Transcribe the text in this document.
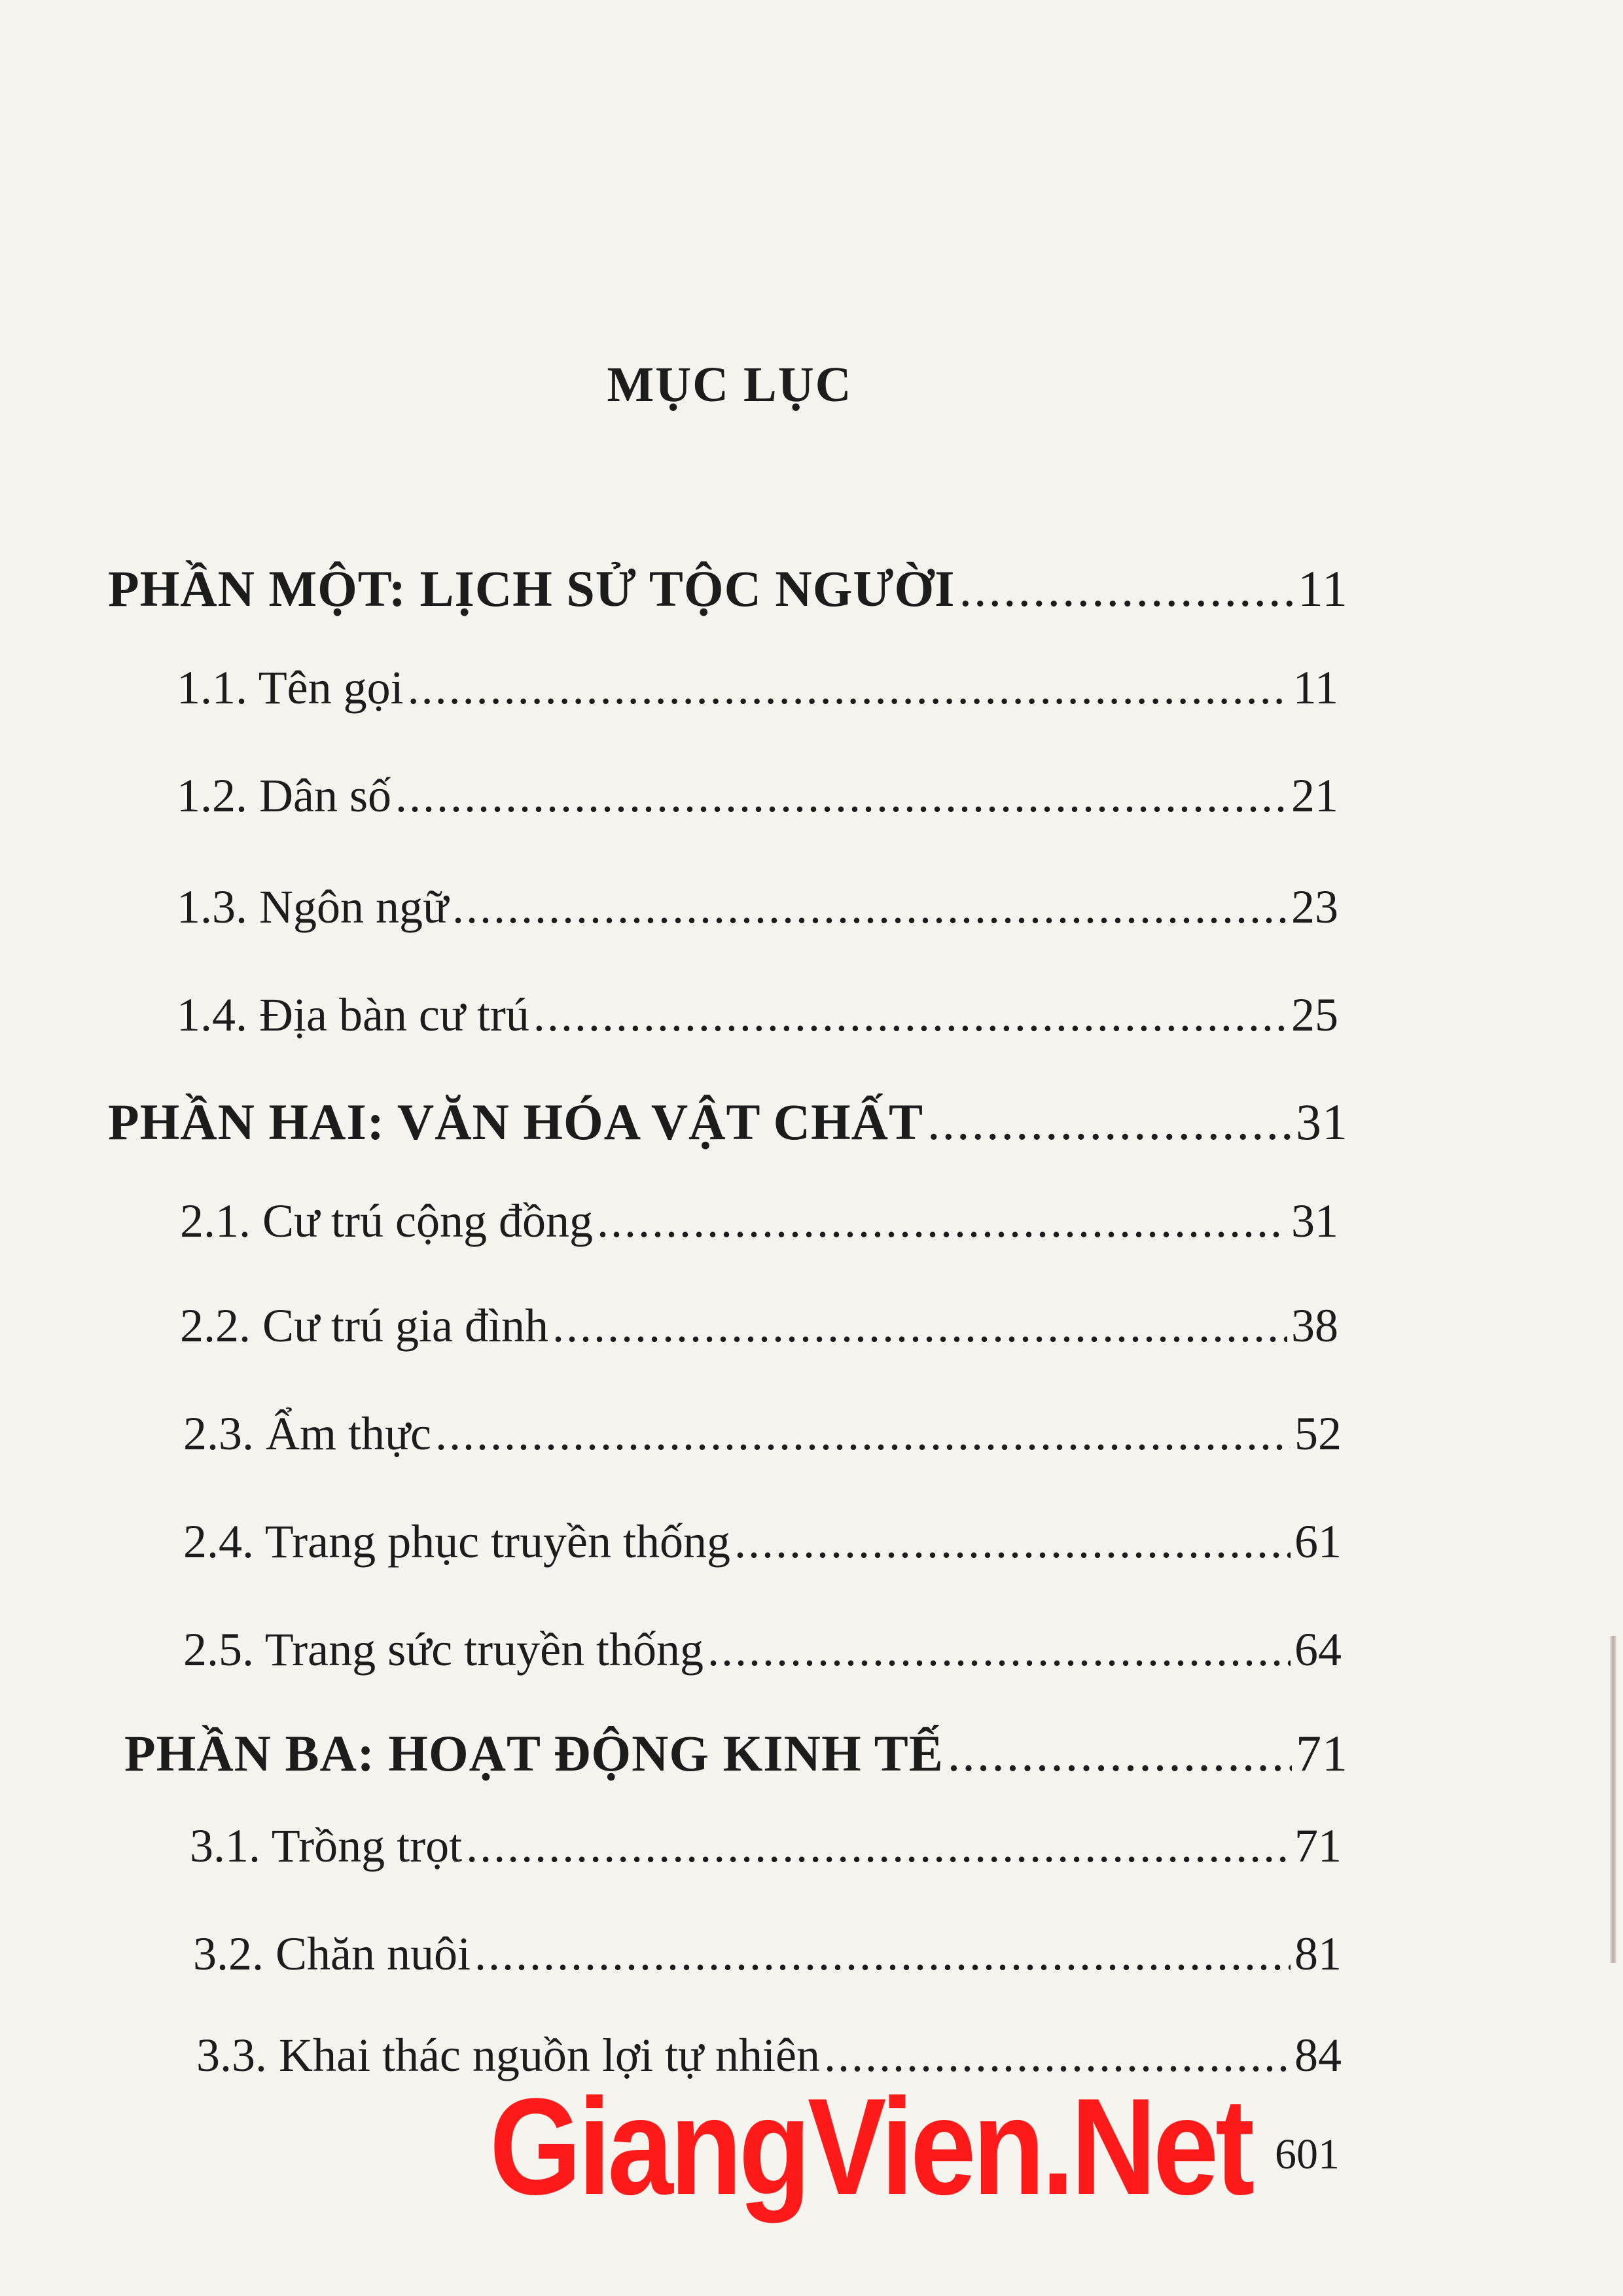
MỤC LỤC
PHẦN MỘT: LỊCH SỬ TỘC NGƯỜI .....	11
1.1. Tên gọi .....	11
1.2. Dân số .....	21
1.3. Ngôn ngữ .....	23
1.4. Địa bàn cư trú .....	25
PHẦN HAI: VĂN HÓA VẬT CHẤT .....	31
2.1. Cư trú cộng đồng .....	31
2.2. Cư trú gia đình .....	38
2.3. Ẩm thực .....	52
2.4. Trang phục truyền thống .....	61
2.5. Trang sức truyền thống .....	64
PHẦN BA: HOẠT ĐỘNG KINH TẾ .....	71
3.1. Trồng trọt .....	71
3.2. Chăn nuôi .....	81
3.3. Khai thác nguồn lợi tự nhiên .....	84
GiangVien.Net 601
